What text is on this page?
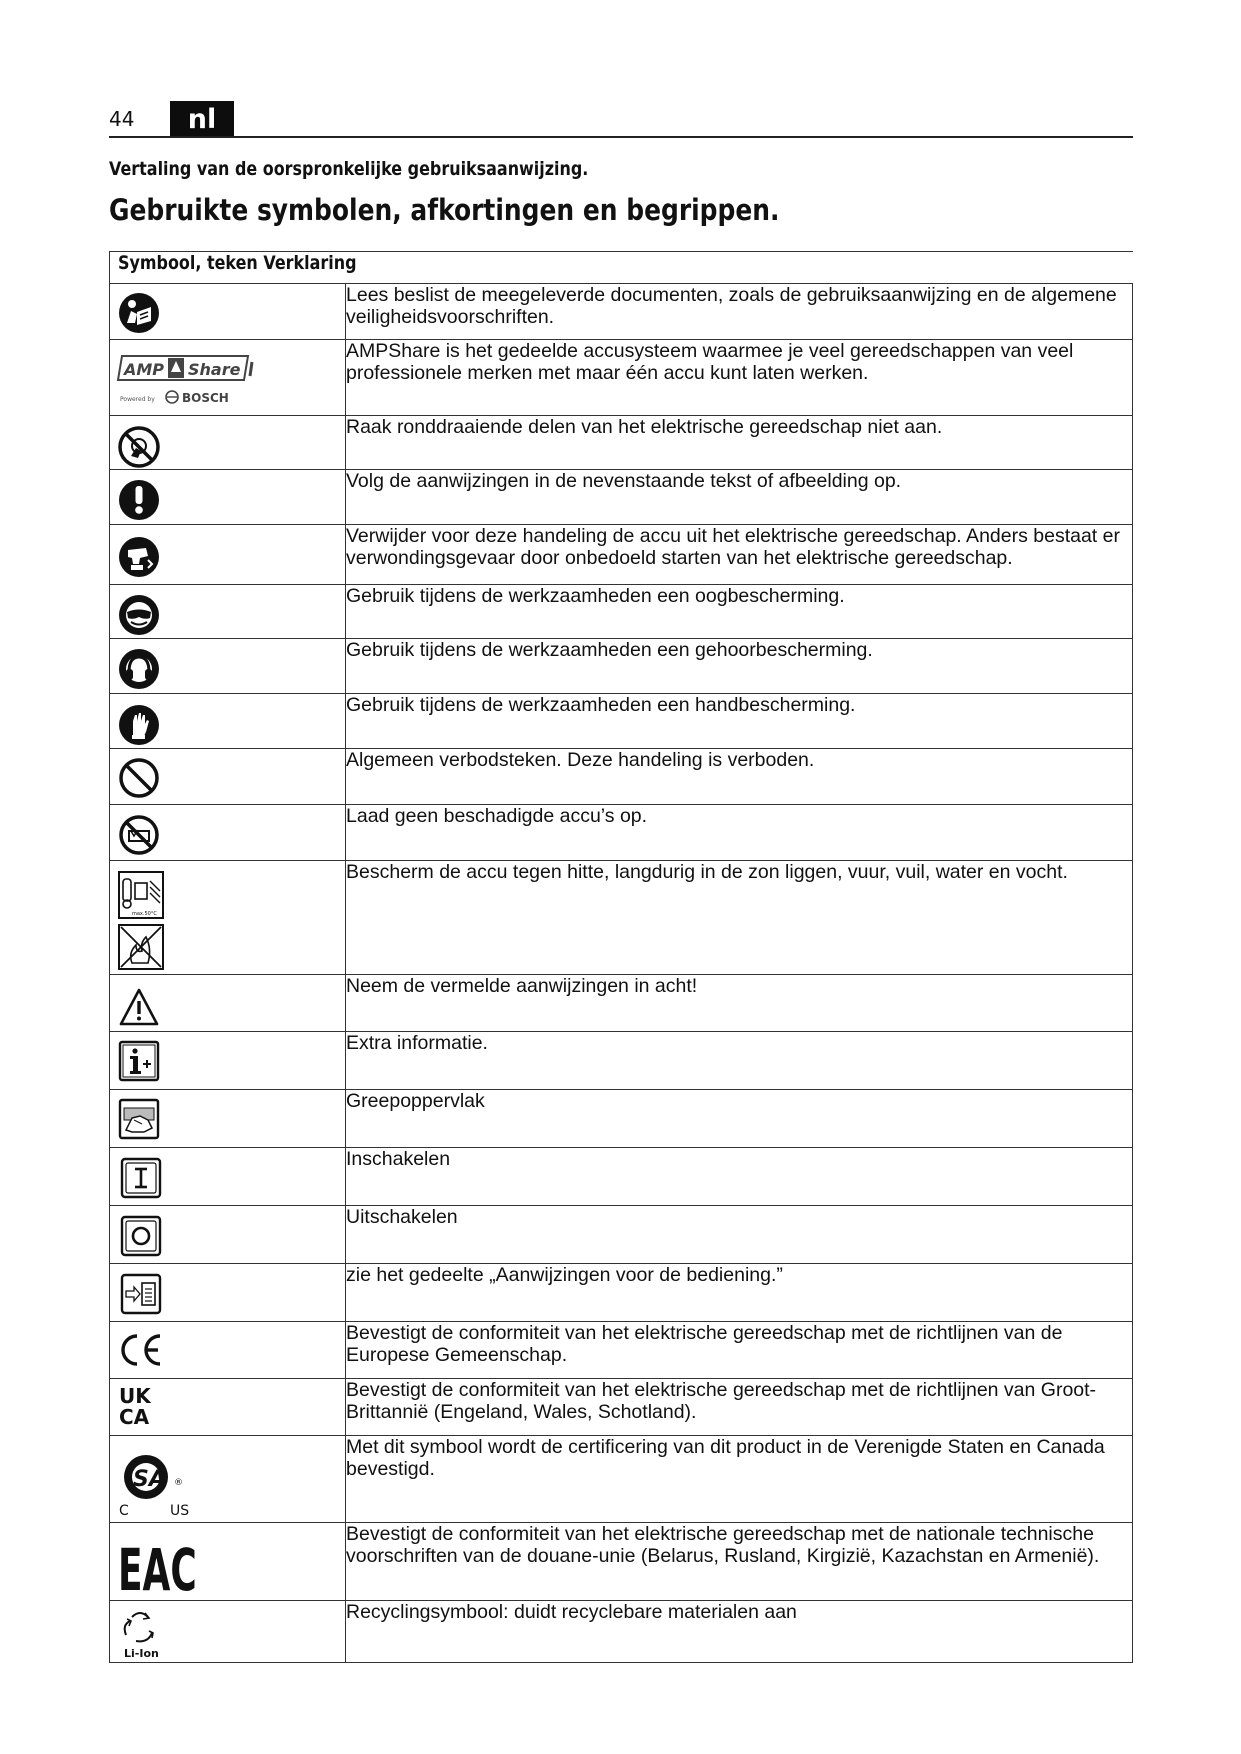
44	nl
Vertaling van de oorspronkelijke gebruiksaanwijzing.
Gebruikte symbolen, afkortingen en begrippen.
Symbool, teken Verklaring	

	Lees beslist de meegeleverde documenten, zoals de gebruiksaanwijzing en de algemene veiligheidsvoorschriften.

AMP Share
Powered by BOSCH	AMPShare is het gedeelde accusysteem waarmee je veel gereedschappen van veel professionele merken met maar één accu kunt laten werken.

	Raak ronddraaiende delen van het elektrische gereedschap niet aan.

	Volg de aanwijzingen in de nevenstaande tekst of afbeelding op.

	Verwijder voor deze handeling de accu uit het elektrische gereedschap. Anders bestaat er verwondingsgevaar door onbedoeld starten van het elektrische gereedschap.

	Gebruik tijdens de werkzaamheden een oogbescherming.

	Gebruik tijdens de werkzaamheden een gehoorbescherming.

	Gebruik tijdens de werkzaamheden een handbescherming.

	Algemeen verbodsteken. Deze handeling is verboden.

	Laad geen beschadigde accu’s op.

max.50°C	Bescherm de accu tegen hitte, langdurig in de zon liggen, vuur, vuil, water en vocht.

	Neem de vermelde aanwijzingen in acht!

	Extra informatie.

	Greepoppervlak

	Inschakelen

	Uitschakelen

	zie het gedeelte „Aanwijzingen voor de bediening.”

	Bevestigt de conformiteit van het elektrische gereedschap met de richtlijnen van de Europese Gemeenschap.

UK
CA	Bevestigt de conformiteit van het elektrische gereedschap met de richtlijnen van Groot-Brittannië (Engeland, Wales, Schotland).

SA ®
C US	Met dit symbool wordt de certificering van dit product in de Verenigde Staten en Canada bevestigd.

EAC	Bevestigt de conformiteit van het elektrische gereedschap met de nationale technische voorschriften van de douane-unie (Belarus, Rusland, Kirgizië, Kazachstan en Armenië).

Li-Ion	Recyclingsymbool: duidt recyclebare materialen aan
